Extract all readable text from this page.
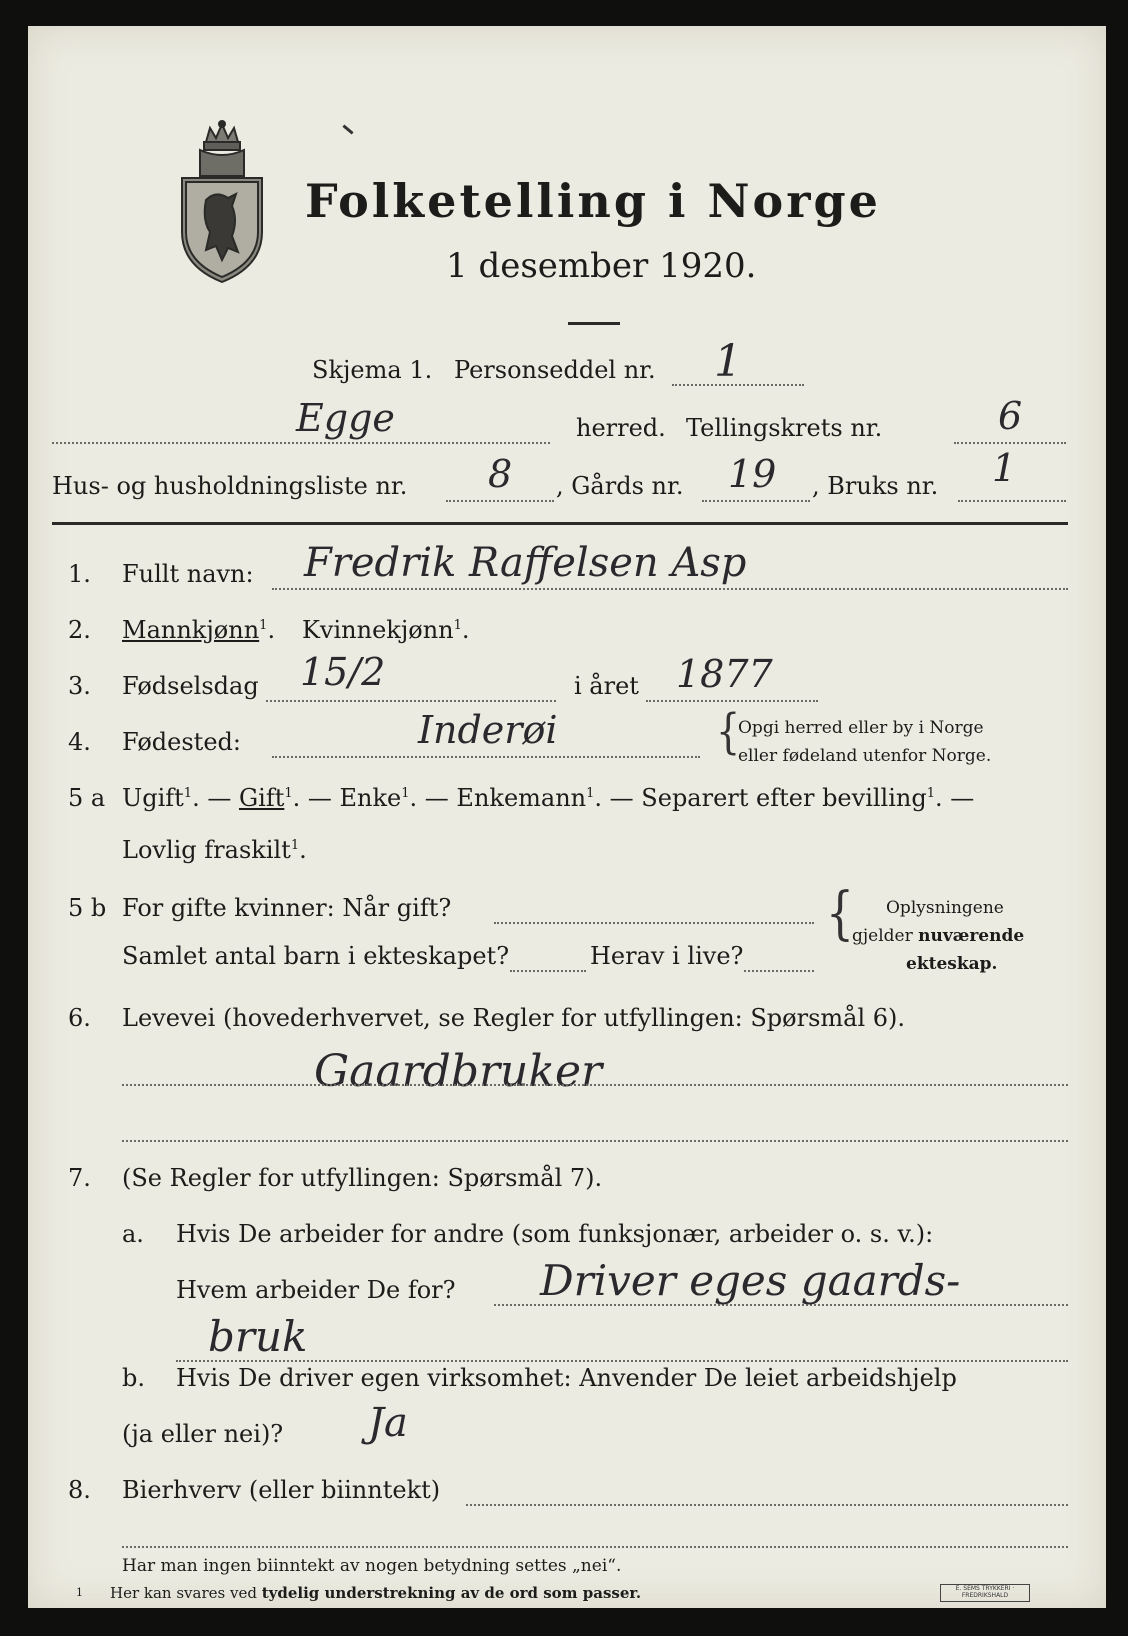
Folketelling i Norge
1 desember 1920.
Skjema 1. Personseddel nr. 1
Egge	herred. Tellingskrets nr.	6
Hus- og husholdningsliste nr. 8 , Gårds nr. 19 , Bruks nr. 1
1. Fullt navn: Fredrik Raffelsen Asp
2. Mannkjønn$^1$. Kvinnekjønn$^1$.
3. Fødselsdag 15/2	i året 1877
4. Fødested:	Inderøi	{
Opgi herred eller by i Norge
eller fødeland utenfor Norge.
5 a Ugift$^1$. — Gift$^1$. — Enke$^1$. — Enkemann$^1$. — Separert efter bevilling$^1$. —
Lovlig fraskilt$^1$.
5 b For gifte kvinner: Når gift?
Samlet antal barn i ekteskapet?	Herav i live?
{ Oplysningene
gjelder nuværende
ekteskap.
6. Levevei (hovederhvervet, se Regler for utfyllingen: Spørsmål 6).
Gaardbruker
7. (Se Regler for utfyllingen: Spørsmål 7).
a. Hvis De arbeider for andre (som funksjonær, arbeider o. s. v.):
Hvem arbeider De for? Driver eges gaards-
bruk
b. Hvis De driver egen virksomhet: Anvender De leiet arbeidshjelp
(ja eller nei)? Ja
8. Bierhverv (eller biinntekt)
Har man ingen biinntekt av nogen betydning settes „nei“.
1 Her kan svares ved tydelig understrekning av de ord som passer.	E. SEMS TRYKKERI · FREDRIKSHALD
